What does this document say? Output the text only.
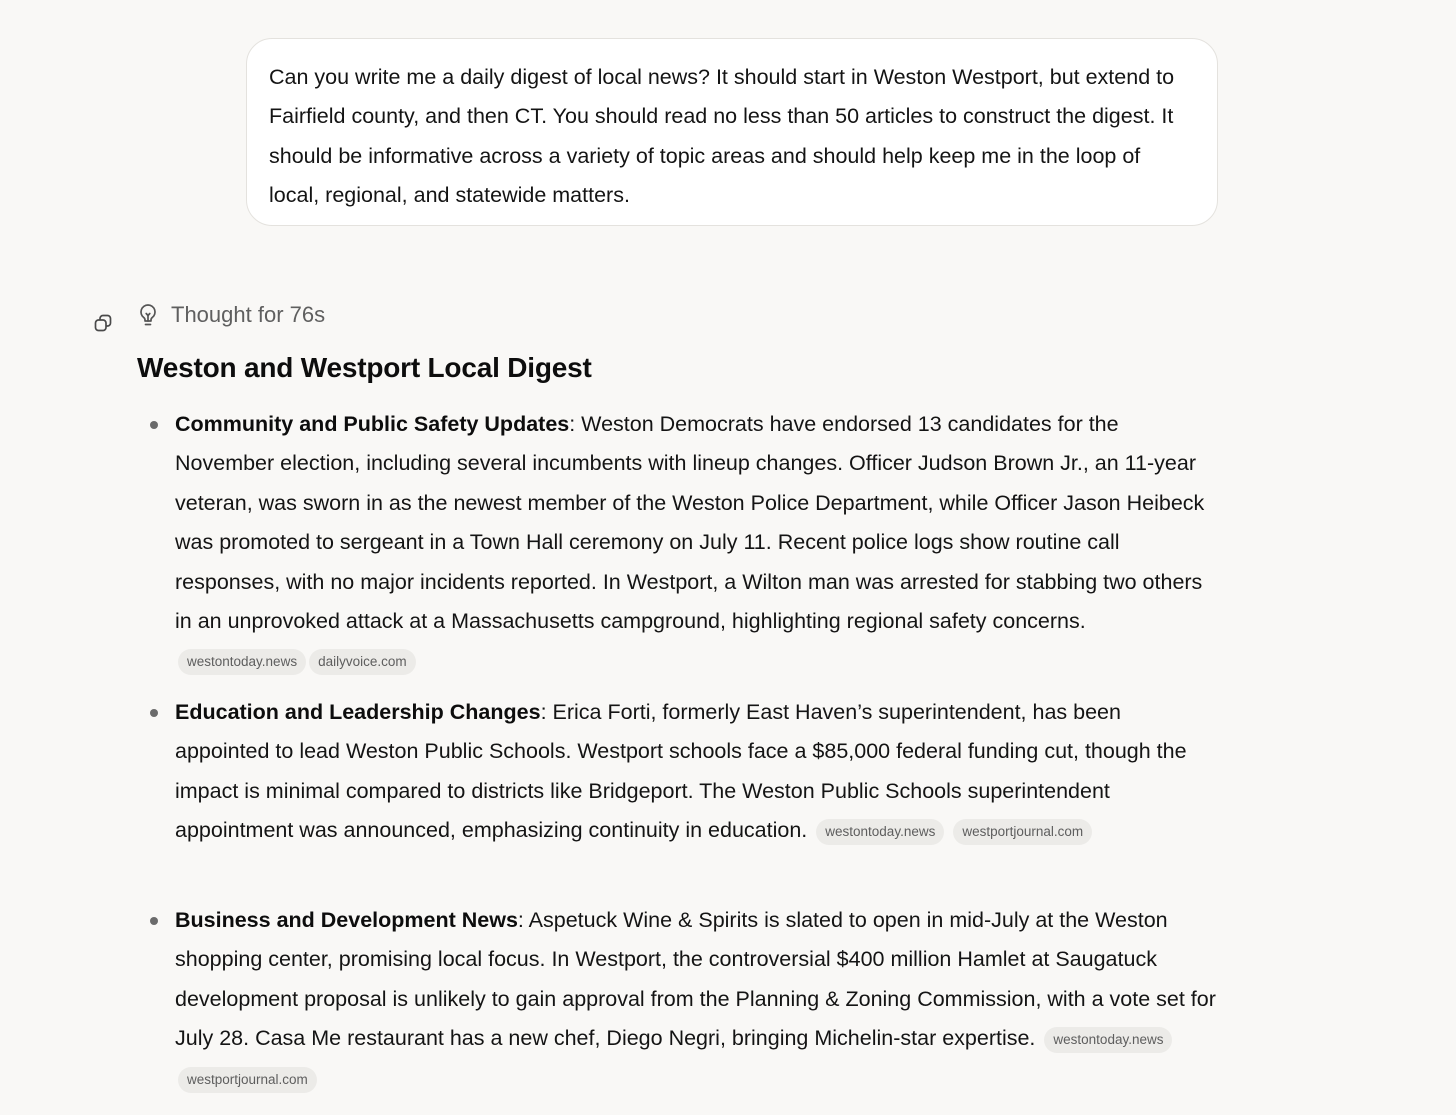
Can you write me a daily digest of local news? It should start in Weston Westport, but extend to Fairfield county, and then CT. You should read no less than 50 articles to construct the digest. It should be informative across a variety of topic areas and should help keep me in the loop of local, regional, and statewide matters.
Thought for 76s
Weston and Westport Local Digest
Community and Public Safety Updates: Weston Democrats have endorsed 13 candidates for the November election, including several incumbents with lineup changes. Officer Judson Brown Jr., an 11-year veteran, was sworn in as the newest member of the Weston Police Department, while Officer Jason Heibeck was promoted to sergeant in a Town Hall ceremony on July 11. Recent police logs show routine call responses, with no major incidents reported. In Westport, a Wilton man was arrested for stabbing two others in an unprovoked attack at a Massachusetts campground, highlighting regional safety concerns. westontoday.news dailyvoice.com
Education and Leadership Changes: Erica Forti, formerly East Haven’s superintendent, has been appointed to lead Weston Public Schools. Westport schools face a $85,000 federal funding cut, though the impact is minimal compared to districts like Bridgeport. The Weston Public Schools superintendent appointment was announced, emphasizing continuity in education. westontoday.news westportjournal.com
Business and Development News: Aspetuck Wine & Spirits is slated to open in mid-July at the Weston shopping center, promising local focus. In Westport, the controversial $400 million Hamlet at Saugatuck development proposal is unlikely to gain approval from the Planning & Zoning Commission, with a vote set for July 28. Casa Me restaurant has a new chef, Diego Negri, bringing Michelin-star expertise. westontoday.newswestportjournal.com
